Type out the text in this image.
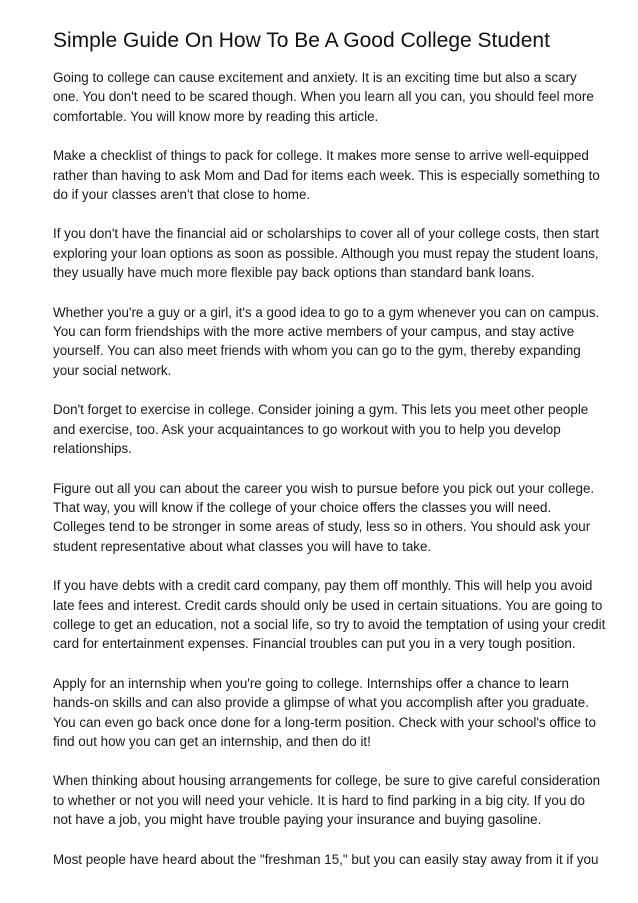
Simple Guide On How To Be A Good College Student

Going to college can cause excitement and anxiety. It is an exciting time but also a scary
one. You don't need to be scared though. When you learn all you can, you should feel more
comfortable. You will know more by reading this article.

Make a checklist of things to pack for college. It makes more sense to arrive well-equipped
rather than having to ask Mom and Dad for items each week. This is especially something to
do if your classes aren't that close to home.

If you don't have the financial aid or scholarships to cover all of your college costs, then start
exploring your loan options as soon as possible. Although you must repay the student loans,
they usually have much more flexible pay back options than standard bank loans.

Whether you're a guy or a girl, it's a good idea to go to a gym whenever you can on campus.
You can form friendships with the more active members of your campus, and stay active
yourself. You can also meet friends with whom you can go to the gym, thereby expanding
your social network.

Don't forget to exercise in college. Consider joining a gym. This lets you meet other people
and exercise, too. Ask your acquaintances to go workout with you to help you develop
relationships.

Figure out all you can about the career you wish to pursue before you pick out your college.
That way, you will know if the college of your choice offers the classes you will need.
Colleges tend to be stronger in some areas of study, less so in others. You should ask your
student representative about what classes you will have to take.

If you have debts with a credit card company, pay them off monthly. This will help you avoid
late fees and interest. Credit cards should only be used in certain situations. You are going to
college to get an education, not a social life, so try to avoid the temptation of using your credit
card for entertainment expenses. Financial troubles can put you in a very tough position.

Apply for an internship when you're going to college. Internships offer a chance to learn
hands-on skills and can also provide a glimpse of what you accomplish after you graduate.
You can even go back once done for a long-term position. Check with your school's office to
find out how you can get an internship, and then do it!

When thinking about housing arrangements for college, be sure to give careful consideration
to whether or not you will need your vehicle. It is hard to find parking in a big city. If you do
not have a job, you might have trouble paying your insurance and buying gasoline.

Most people have heard about the "freshman 15," but you can easily stay away from it if you
